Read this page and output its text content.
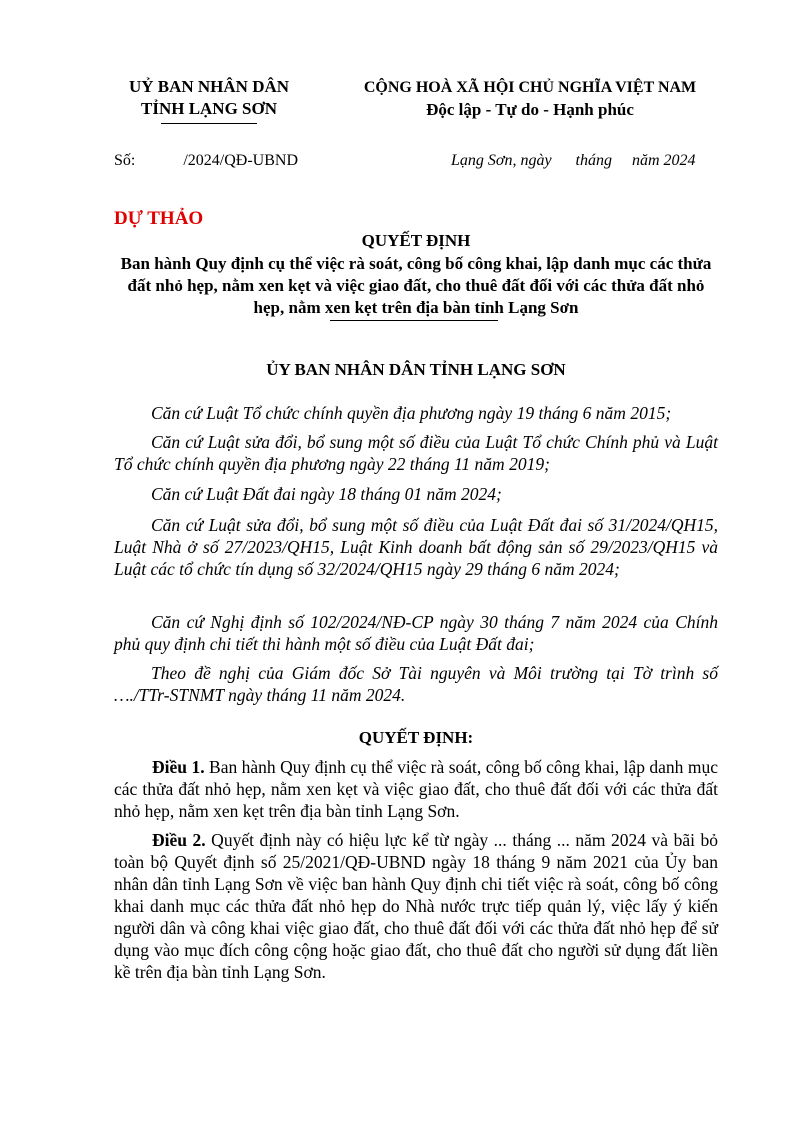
UỶ BAN NHÂN DÂN
TỈNH LẠNG SƠN
CỘNG HOÀ XÃ HỘI CHỦ NGHĨA VIỆT NAM
Độc lập - Tự do - Hạnh phúc
Số:	/2024/QĐ-UBND	Lạng Sơn, ngày      tháng     năm 2024
DỰ THẢO
QUYẾT ĐỊNH
Ban hành Quy định cụ thể việc rà soát, công bố công khai, lập danh mục các thửa đất nhỏ hẹp, nằm xen kẹt và việc giao đất, cho thuê đất đối với các thửa đất nhỏ hẹp, nằm xen kẹt trên địa bàn tỉnh Lạng Sơn
ỦY BAN NHÂN DÂN TỈNH LẠNG SƠN
Căn cứ Luật Tổ chức chính quyền địa phương ngày 19 tháng 6 năm 2015;
Căn cứ Luật sửa đổi, bổ sung một số điều của Luật Tổ chức Chính phủ và Luật Tổ chức chính quyền địa phương ngày 22 tháng 11 năm 2019;
Căn cứ Luật Đất đai ngày 18 tháng 01 năm 2024;
Căn cứ Luật sửa đổi, bổ sung một số điều của Luật Đất đai số 31/2024/QH15, Luật Nhà ở số 27/2023/QH15, Luật Kinh doanh bất động sản số 29/2023/QH15 và Luật các tổ chức tín dụng số 32/2024/QH15 ngày 29 tháng 6 năm 2024;
Căn cứ Nghị định số 102/2024/NĐ-CP ngày 30 tháng 7 năm 2024 của Chính phủ quy định chi tiết thi hành một số điều của Luật Đất đai;
Theo đề nghị của Giám đốc Sở Tài nguyên và Môi trường tại Tờ trình số …./TTr-STNMT ngày tháng 11 năm 2024.
QUYẾT ĐỊNH:
Điều 1. Ban hành Quy định cụ thể việc rà soát, công bố công khai, lập danh mục các thửa đất nhỏ hẹp, nằm xen kẹt và việc giao đất, cho thuê đất đối với các thửa đất nhỏ hẹp, nằm xen kẹt trên địa bàn tỉnh Lạng Sơn.
Điều 2. Quyết định này có hiệu lực kể từ ngày ... tháng ... năm 2024 và bãi bỏ toàn bộ Quyết định số 25/2021/QĐ-UBND ngày 18 tháng 9 năm 2021 của Ủy ban nhân dân tỉnh Lạng Sơn về việc ban hành Quy định chi tiết việc rà soát, công bố công khai danh mục các thửa đất nhỏ hẹp do Nhà nước trực tiếp quản lý, việc lấy ý kiến người dân và công khai việc giao đất, cho thuê đất đối với các thửa đất nhỏ hẹp để sử dụng vào mục đích công cộng hoặc giao đất, cho thuê đất cho người sử dụng đất liền kề trên địa bàn tỉnh Lạng Sơn.
